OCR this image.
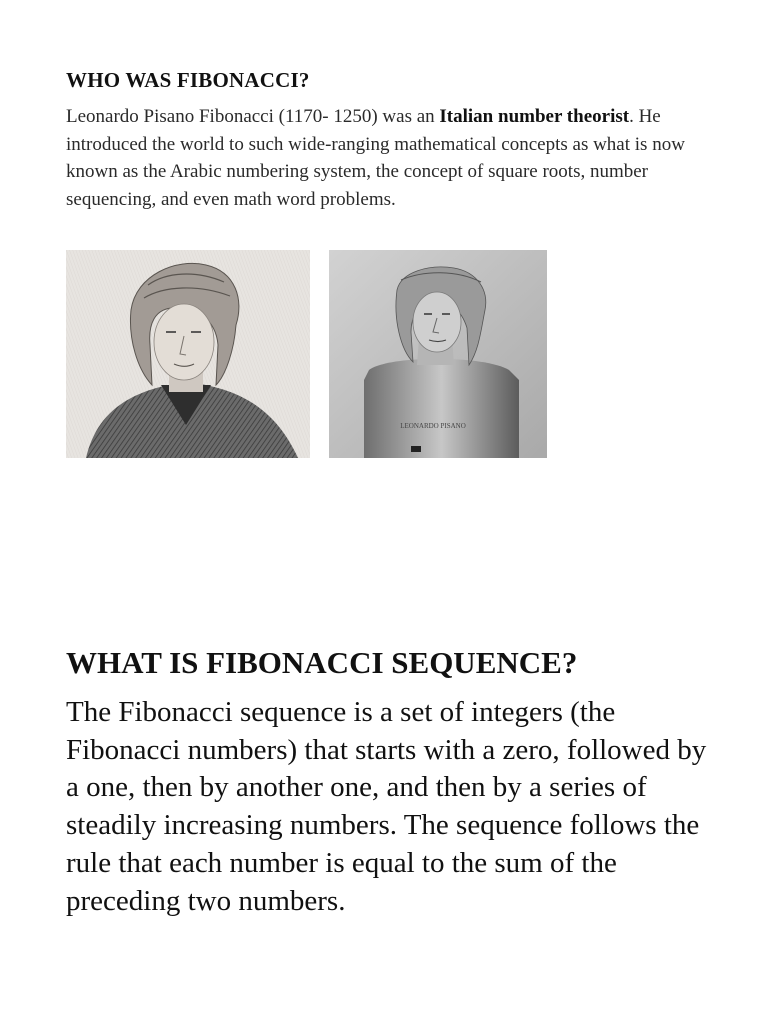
WHO WAS FIBONACCI?

Leonardo Pisano Fibonacci (1170- 1250) was an Italian number theorist. He introduced the world to such wide-ranging mathematical concepts as what is now known as the Arabic numbering system, the concept of square roots, number sequencing, and even math word problems.

LEONARDO PISANO
WHAT IS FIBONACCI SEQUENCE?

The Fibonacci sequence is a set of integers (the Fibonacci numbers) that starts with a zero, followed by a one, then by another one, and then by a series of steadily increasing numbers. The sequence follows the rule that each number is equal to the sum of the preceding two numbers.
